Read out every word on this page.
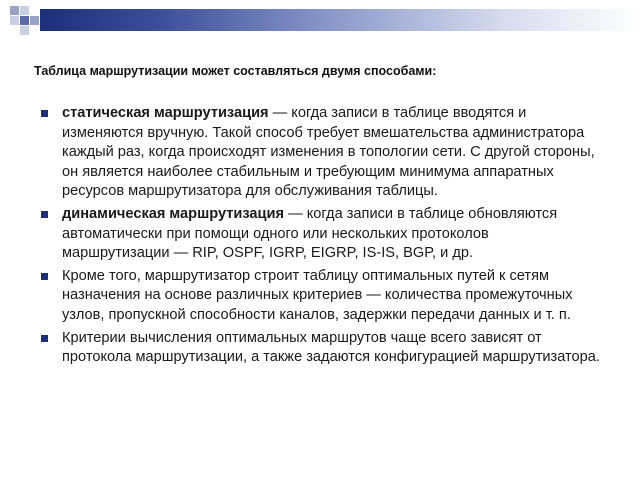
Таблица маршрутизации может составляться двумя способами:
статическая маршрутизация — когда записи в таблице вводятся и изменяются вручную. Такой способ требует вмешательства администратора каждый раз, когда происходят изменения в топологии сети. С другой стороны, он является наиболее стабильным и требующим минимума аппаратных ресурсов маршрутизатора для обслуживания таблицы.
динамическая маршрутизация — когда записи в таблице обновляются автоматически при помощи одного или нескольких протоколов маршрутизации — RIP, OSPF, IGRP, EIGRP, IS-IS, BGP, и др.
Кроме того, маршрутизатор строит таблицу оптимальных путей к сетям назначения на основе различных критериев — количества промежуточных узлов, пропускной способности каналов, задержки передачи данных и т. п.
Критерии вычисления оптимальных маршрутов чаще всего зависят от протокола маршрутизации, а также задаются конфигурацией маршрутизатора.
